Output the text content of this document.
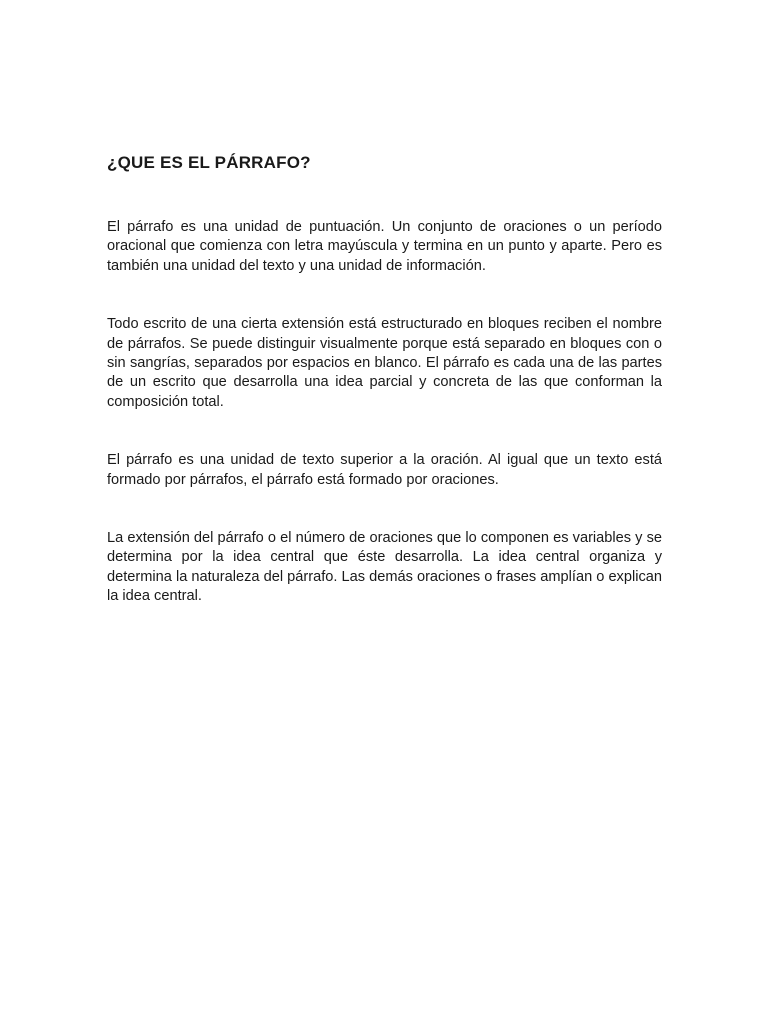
¿QUE ES EL PÁRRAFO?

El párrafo es una unidad de puntuación. Un conjunto de oraciones o un período oracional que comienza con letra mayúscula y termina en un punto y aparte. Pero es también una unidad del texto y una unidad de información.

Todo escrito de una cierta extensión está estructurado en bloques reciben el nombre de párrafos. Se puede distinguir visualmente porque está separado en bloques con o sin sangrías, separados por espacios en blanco. El párrafo es cada una de las partes de un escrito que desarrolla una idea parcial y concreta de las que conforman la composición total.

El párrafo es una unidad de texto superior a la oración. Al igual que un texto está formado por párrafos, el párrafo está formado por oraciones.

La extensión del párrafo o el número de oraciones que lo componen es variables y se determina por la idea central que éste desarrolla. La idea central organiza y determina la naturaleza del párrafo. Las demás oraciones o frases amplían o explican la idea central.
